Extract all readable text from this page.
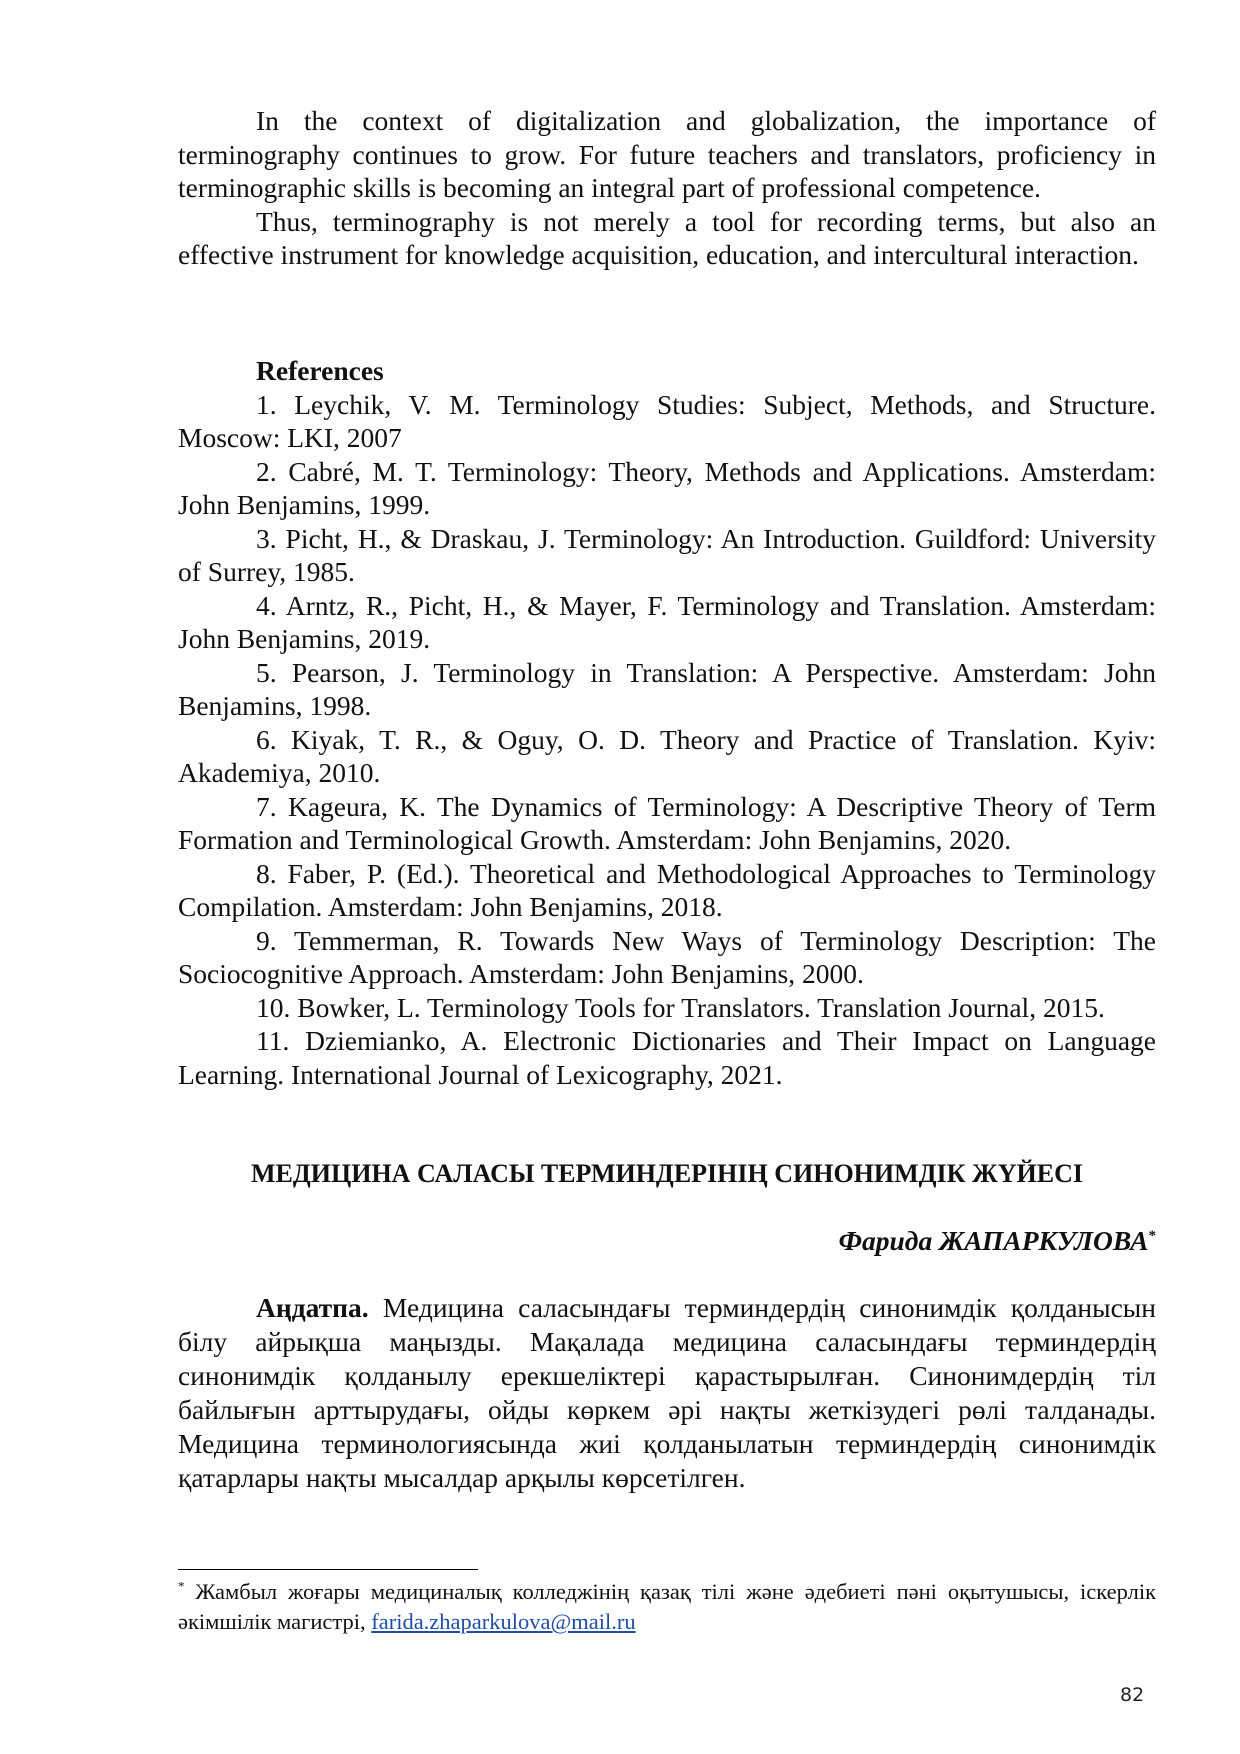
In the context of digitalization and globalization, the importance of terminography continues to grow. For future teachers and translators, proficiency in terminographic skills is becoming an integral part of professional competence.

Thus, terminography is not merely a tool for recording terms, but also an effective instrument for knowledge acquisition, education, and intercultural interaction.

References

1. Leychik, V. M. Terminology Studies: Subject, Methods, and Structure. Moscow: LKI, 2007

2. Cabré, M. T. Terminology: Theory, Methods and Applications. Amsterdam: John Benjamins, 1999.

3. Picht, H., & Draskau, J. Terminology: An Introduction. Guildford: University of Surrey, 1985.

4. Arntz, R., Picht, H., & Mayer, F. Terminology and Translation. Amsterdam: John Benjamins, 2019.

5. Pearson, J. Terminology in Translation: A Perspective. Amsterdam: John Benjamins, 1998.

6. Kiyak, T. R., & Oguy, O. D. Theory and Practice of Translation. Kyiv: Akademiya, 2010.

7. Kageura, K. The Dynamics of Terminology: A Descriptive Theory of Term Formation and Terminological Growth. Amsterdam: John Benjamins, 2020.

8. Faber, P. (Ed.). Theoretical and Methodological Approaches to Terminology Compilation. Amsterdam: John Benjamins, 2018.

9. Temmerman, R. Towards New Ways of Terminology Description: The Sociocognitive Approach. Amsterdam: John Benjamins, 2000.

10. Bowker, L. Terminology Tools for Translators. Translation Journal, 2015.

11. Dziemianko, A. Electronic Dictionaries and Their Impact on Language Learning. International Journal of Lexicography, 2021.

МЕДИЦИНА САЛАСЫ ТЕРМИНДЕРІНІҢ СИНОНИМДІК ЖҮЙЕСІ

Фарида ЖАПАРКУЛОВА*

Аңдатпа. Медицина саласындағы терминдердің синонимдік қолданысын білу айрықша маңызды. Мақалада медицина саласындағы терминдердің синонимдік қолданылу ерекшеліктері қарастырылған. Синонимдердің тіл байлығын арттырудағы, ойды көркем әрі нақты жеткізудегі рөлі талданады. Медицина терминологиясында жиі қолданылатын терминдердің синонимдік қатарлары нақты мысалдар арқылы көрсетілген.

* Жамбыл жоғары медициналық колледжінің қазақ тілі және әдебиеті пәні оқытушысы, іскерлік әкімшілік магистрі, farida.zhaparkulova@mail.ru
82
